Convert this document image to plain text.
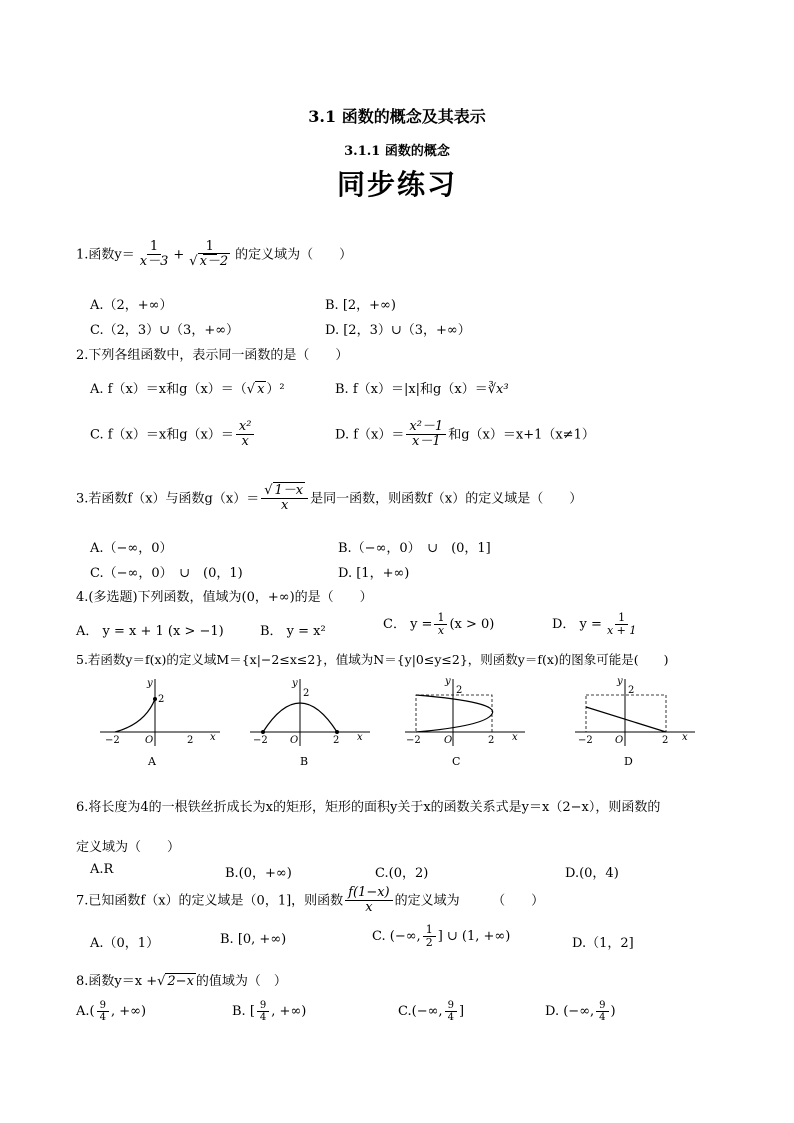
3.1 函数的概念及其表示
3.1.1 函数的概念
同步练习
1.函数$y= \frac{1}{x-3} + \frac{1}{√ x-2}$ 的定义域为（　　）
A.（2，+∞）	B. [2，+∞)
C.（2，3）∪（3，+∞）	D. [2，3）∪（3，+∞）
2.下列各组函数中，表示同一函数的是（　　）
A. f（x）＝x和g（x）＝（√ x ）²	B. f（x）＝|x|和g（x）＝∛x³
C. f（x）＝x和$g(x)= \frac{\text{x²}}{x}$	D. $f(x)= \frac{\text{x²－1}}{x-1}$ 和g（x）＝x+1（x≠1）
3.若函数f（x）与函数$g(x)= \frac{√ 1-x}{x}$ 是同一函数，则函数f（x）的定义域是（　　）
A.（−∞，0）	B.（−∞，0）　∪　(0，1]
C.（−∞，0）　∪　(0，1)	D. [1，+∞)
4.(多选题)下列函数，值域为(0，+∞)的是（　　）
A． y = x + 1 (x > −1)	B． y = x²	C． $y = \frac{1}{x} (x > 0)$	D． $y = \frac{1}{x + 1}$
5.若函数y＝f(x)的定义域M＝{x|−2≤x≤2}，值域为N＝{y|0≤y≤2}，则函数y＝f(x)的图象可能是(　　)
−2	O	2
2
x
y
A
−2 O	2
2
x
y
B
−2 O	2
2
x
y
C
−2 O	2
2
x
y
D
6.将长度为4的一根铁丝折成长为x的矩形，矩形的面积y关于x的函数关系式是y＝x（2−x），则函数的
定义域为（　　）
A.R	B.(0，+∞)	C.(0，2)	D.(0，4)
7.已知函数f（x）的定义域是（0，1]，则函数 $\frac{f(1-x)}{x}$ 的定义域为　　　（　　）
A.（0，1）	B. [0, +∞)	C. (−∞, $\frac{1}{2}$ ] ∪ (1, +∞)	D.（1，2]
8.函数y＝x +√ 2−x 的值域为（　）
$A.( \frac{9}{4}$ , +∞)	B. [ $\frac{9}{4}$ , +∞)	C.(−∞, $\frac{9}{4}$ ]	D. (−∞, $\frac{9}{4}$ )
